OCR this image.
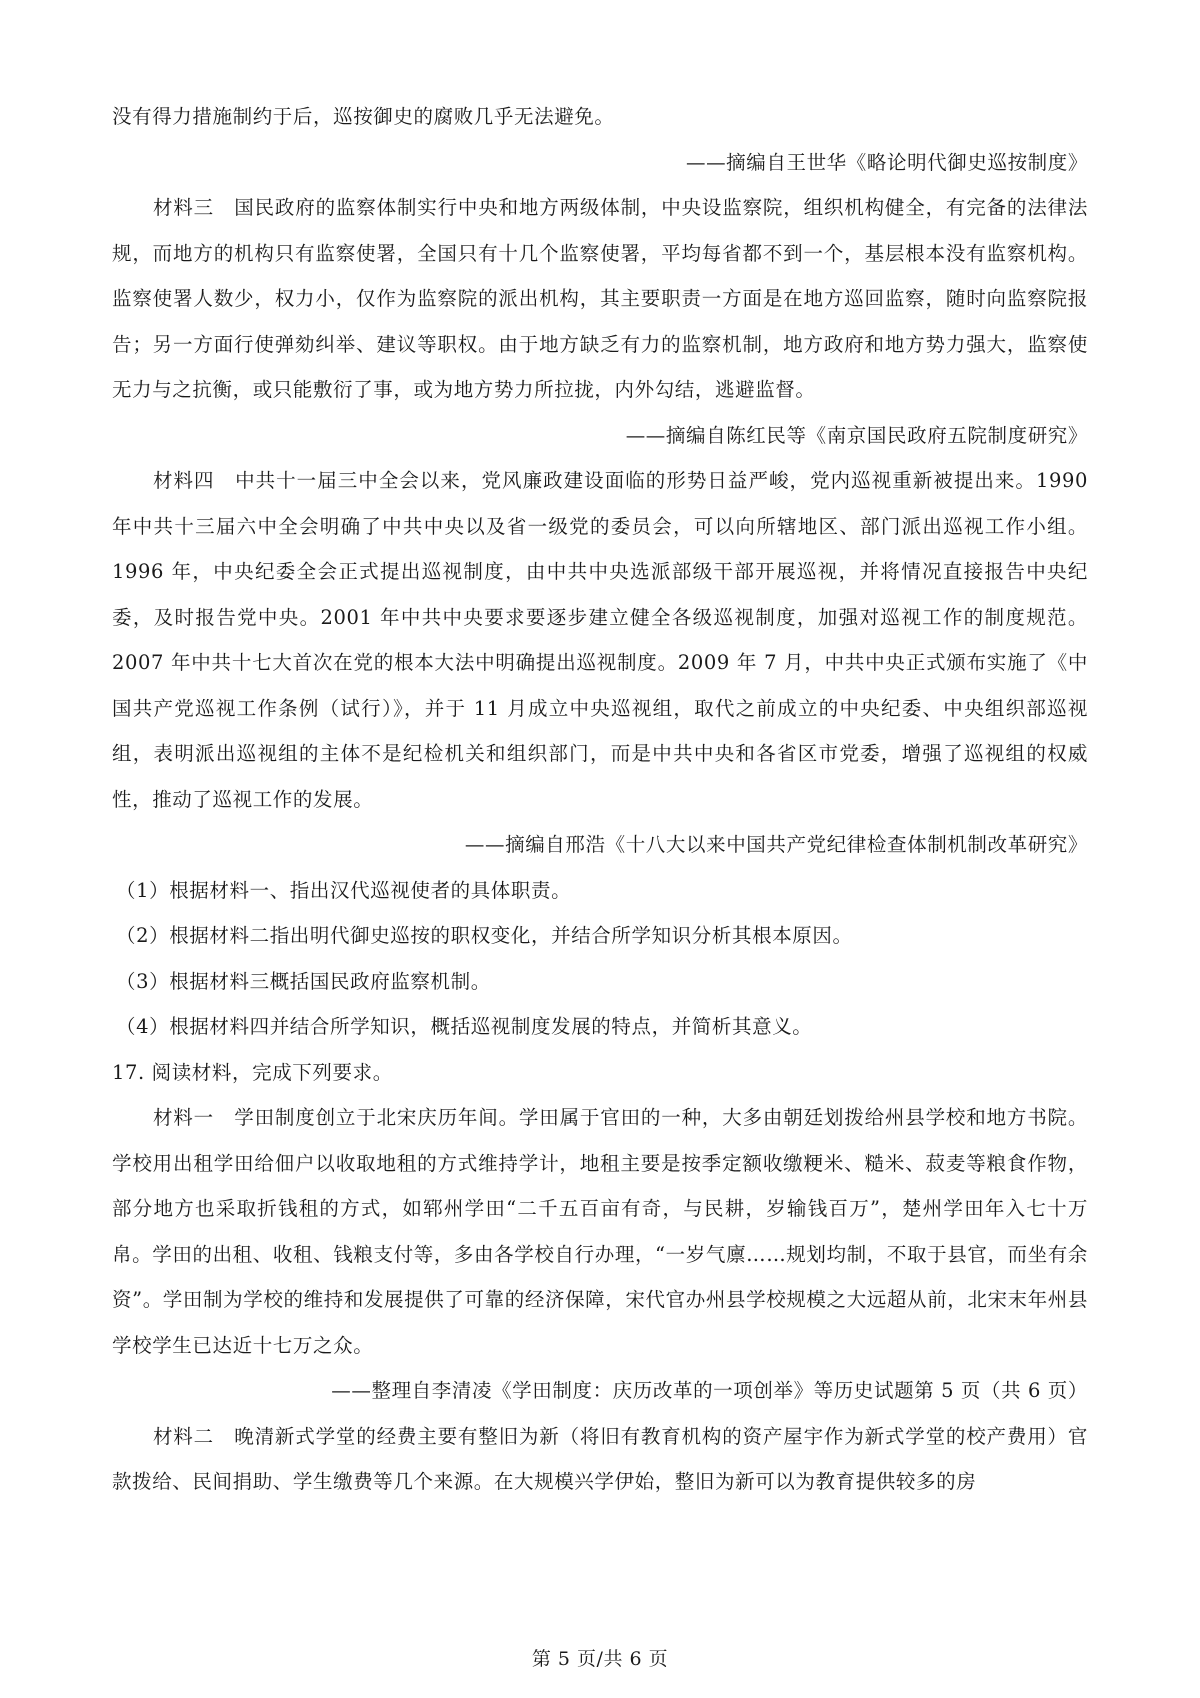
没有得力措施制约于后，巡按御史的腐败几乎无法避免。

——摘编自王世华《略论明代御史巡按制度》

材料三　国民政府的监察体制实行中央和地方两级体制，中央设监察院，组织机构健全，有完备的法律法规，而地方的机构只有监察使署，全国只有十几个监察使署，平均每省都不到一个，基层根本没有监察机构。监察使署人数少，权力小，仅作为监察院的派出机构，其主要职责一方面是在地方巡回监察，随时向监察院报告；另一方面行使弹劾纠举、建议等职权。由于地方缺乏有力的监察机制，地方政府和地方势力强大，监察使无力与之抗衡，或只能敷衍了事，或为地方势力所拉拢，内外勾结，逃避监督。

——摘编自陈红民等《南京国民政府五院制度研究》

材料四　中共十一届三中全会以来，党风廉政建设面临的形势日益严峻，党内巡视重新被提出来。1990 年中共十三届六中全会明确了中共中央以及省一级党的委员会，可以向所辖地区、部门派出巡视工作小组。1996 年，中央纪委全会正式提出巡视制度，由中共中央选派部级干部开展巡视，并将情况直接报告中央纪委，及时报告党中央。2001 年中共中央要求要逐步建立健全各级巡视制度，加强对巡视工作的制度规范。2007 年中共十七大首次在党的根本大法中明确提出巡视制度。2009 年 7 月，中共中央正式颁布实施了《中国共产党巡视工作条例（试行）》，并于 11 月成立中央巡视组，取代之前成立的中央纪委、中央组织部巡视组，表明派出巡视组的主体不是纪检机关和组织部门，而是中共中央和各省区市党委，增强了巡视组的权威性，推动了巡视工作的发展。

——摘编自邢浩《十八大以来中国共产党纪律检查体制机制改革研究》

（1）根据材料一、指出汉代巡视使者的具体职责。

（2）根据材料二指出明代御史巡按的职权变化，并结合所学知识分析其根本原因。

（3）根据材料三概括国民政府监察机制。

（4）根据材料四并结合所学知识，概括巡视制度发展的特点，并简析其意义。

17. 阅读材料，完成下列要求。

材料一　学田制度创立于北宋庆历年间。学田属于官田的一种，大多由朝廷划拨给州县学校和地方书院。学校用出租学田给佃户以收取地租的方式维持学计，地租主要是按季定额收缴粳米、糙米、菽麦等粮食作物，部分地方也采取折钱租的方式，如郓州学田“二千五百亩有奇，与民耕，岁输钱百万”，楚州学田年入七十万帛。学田的出租、收租、钱粮支付等，多由各学校自行办理，“一岁气廪……规划均制，不取于县官，而坐有余资”。学田制为学校的维持和发展提供了可靠的经济保障，宋代官办州县学校规模之大远超从前，北宋末年州县学校学生已达近十七万之众。

——整理自李清凌《学田制度：庆历改革的一项创举》等历史试题第 5 页（共 6 页）

材料二　晚清新式学堂的经费主要有整旧为新（将旧有教育机构的资产屋宇作为新式学堂的校产费用）官款拨给、民间捐助、学生缴费等几个来源。在大规模兴学伊始，整旧为新可以为教育提供较多的房

第 5 页/共 6 页
